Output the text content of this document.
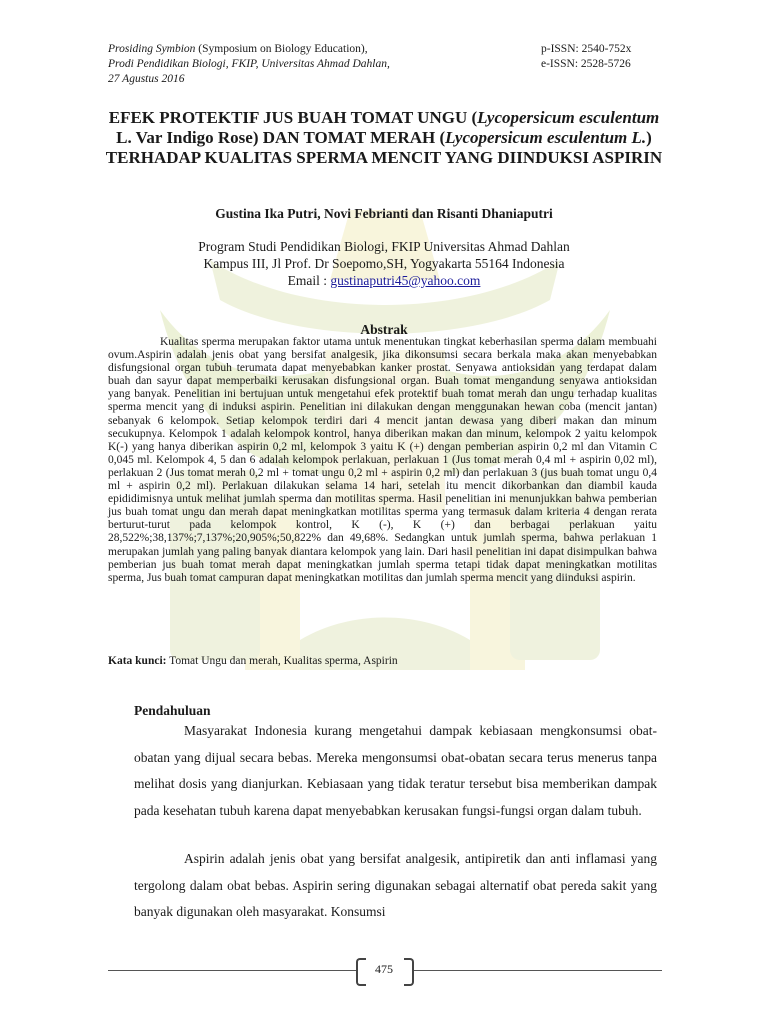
Prosiding Symbion (Symposium on Biology Education),
Prodi Pendidikan Biologi, FKIP, Universitas Ahmad Dahlan,
27 Agustus 2016
p-ISSN: 2540-752x
e-ISSN: 2528-5726
EFEK PROTEKTIF JUS BUAH TOMAT UNGU (Lycopersicum esculentum L. Var Indigo Rose) DAN TOMAT MERAH (Lycopersicum esculentum L.) TERHADAP KUALITAS SPERMA MENCIT YANG DIINDUKSI ASPIRIN
Gustina Ika Putri, Novi Febrianti dan Risanti Dhaniaputri
Program Studi Pendidikan Biologi, FKIP Universitas Ahmad Dahlan
Kampus III, Jl Prof. Dr Soepomo,SH, Yogyakarta 55164 Indonesia
Email : gustinaputri45@yahoo.com
Abstrak

Kualitas sperma merupakan faktor utama untuk menentukan tingkat keberhasilan sperma dalam membuahi ovum.Aspirin adalah jenis obat yang bersifat analgesik, jika dikonsumsi secara berkala maka akan menyebabkan disfungsional organ tubuh terumata dapat menyebabkan kanker prostat. Senyawa antioksidan yang terdapat dalam buah dan sayur dapat memperbaiki kerusakan disfungsional organ. Buah tomat mengandung senyawa antioksidan yang banyak. Penelitian ini bertujuan untuk mengetahui efek protektif buah tomat merah dan ungu terhadap kualitas sperma mencit yang di induksi aspirin. Penelitian ini dilakukan dengan menggunakan hewan coba (mencit jantan) sebanyak 6 kelompok. Setiap kelompok terdiri dari 4 mencit jantan dewasa yang diberi makan dan minum secukupnya. Kelompok 1 adalah kelompok kontrol, hanya diberikan makan dan minum, kelompok 2 yaitu kelompok K(-) yang hanya diberikan aspirin 0,2 ml, kelompok 3 yaitu K (+) dengan pemberian aspirin 0,2 ml dan Vitamin C 0,045 ml. Kelompok 4, 5 dan 6 adalah kelompok perlakuan, perlakuan 1 (Jus tomat merah 0,4 ml + aspirin 0,02 ml), perlakuan 2 (Jus tomat merah 0,2 ml + tomat ungu 0,2 ml + aspirin 0,2 ml) dan perlakuan 3 (jus buah tomat ungu 0,4 ml + aspirin 0,2 ml). Perlakuan dilakukan selama 14 hari, setelah itu mencit dikorbankan dan diambil kauda epididimisnya untuk melihat jumlah sperma dan motilitas sperma. Hasil penelitian ini menunjukkan bahwa pemberian jus buah tomat ungu dan merah dapat meningkatkan motilitas sperma yang termasuk dalam kriteria 4 dengan rerata berturut-turut pada kelompok kontrol, K (-), K (+) dan berbagai perlakuan yaitu 28,522%;38,137%;7,137%;20,905%;50,822% dan 49,68%. Sedangkan untuk jumlah sperma, bahwa perlakuan 1 merupakan jumlah yang paling banyak diantara kelompok yang lain. Dari hasil penelitian ini dapat disimpulkan bahwa pemberian jus buah tomat merah dapat meningkatkan jumlah sperma tetapi tidak dapat meningkatkan motilitas sperma, Jus buah tomat campuran dapat meningkatkan motilitas dan jumlah sperma mencit yang diinduksi aspirin.

Kata kunci: Tomat Ungu dan merah, Kualitas sperma, Aspirin
Pendahuluan

Masyarakat Indonesia kurang mengetahui dampak kebiasaan mengkonsumsi obat-obatan yang dijual secara bebas. Mereka mengonsumsi obat-obatan secara terus menerus tanpa melihat dosis yang dianjurkan. Kebiasaan yang tidak teratur tersebut bisa memberikan dampak pada kesehatan tubuh karena dapat menyebabkan kerusakan fungsi-fungsi organ dalam tubuh.

Aspirin adalah jenis obat yang bersifat analgesik, antipiretik dan anti inflamasi yang tergolong dalam obat bebas. Aspirin sering digunakan sebagai alternatif obat pereda sakit yang banyak digunakan oleh masyarakat. Konsumsi

475
